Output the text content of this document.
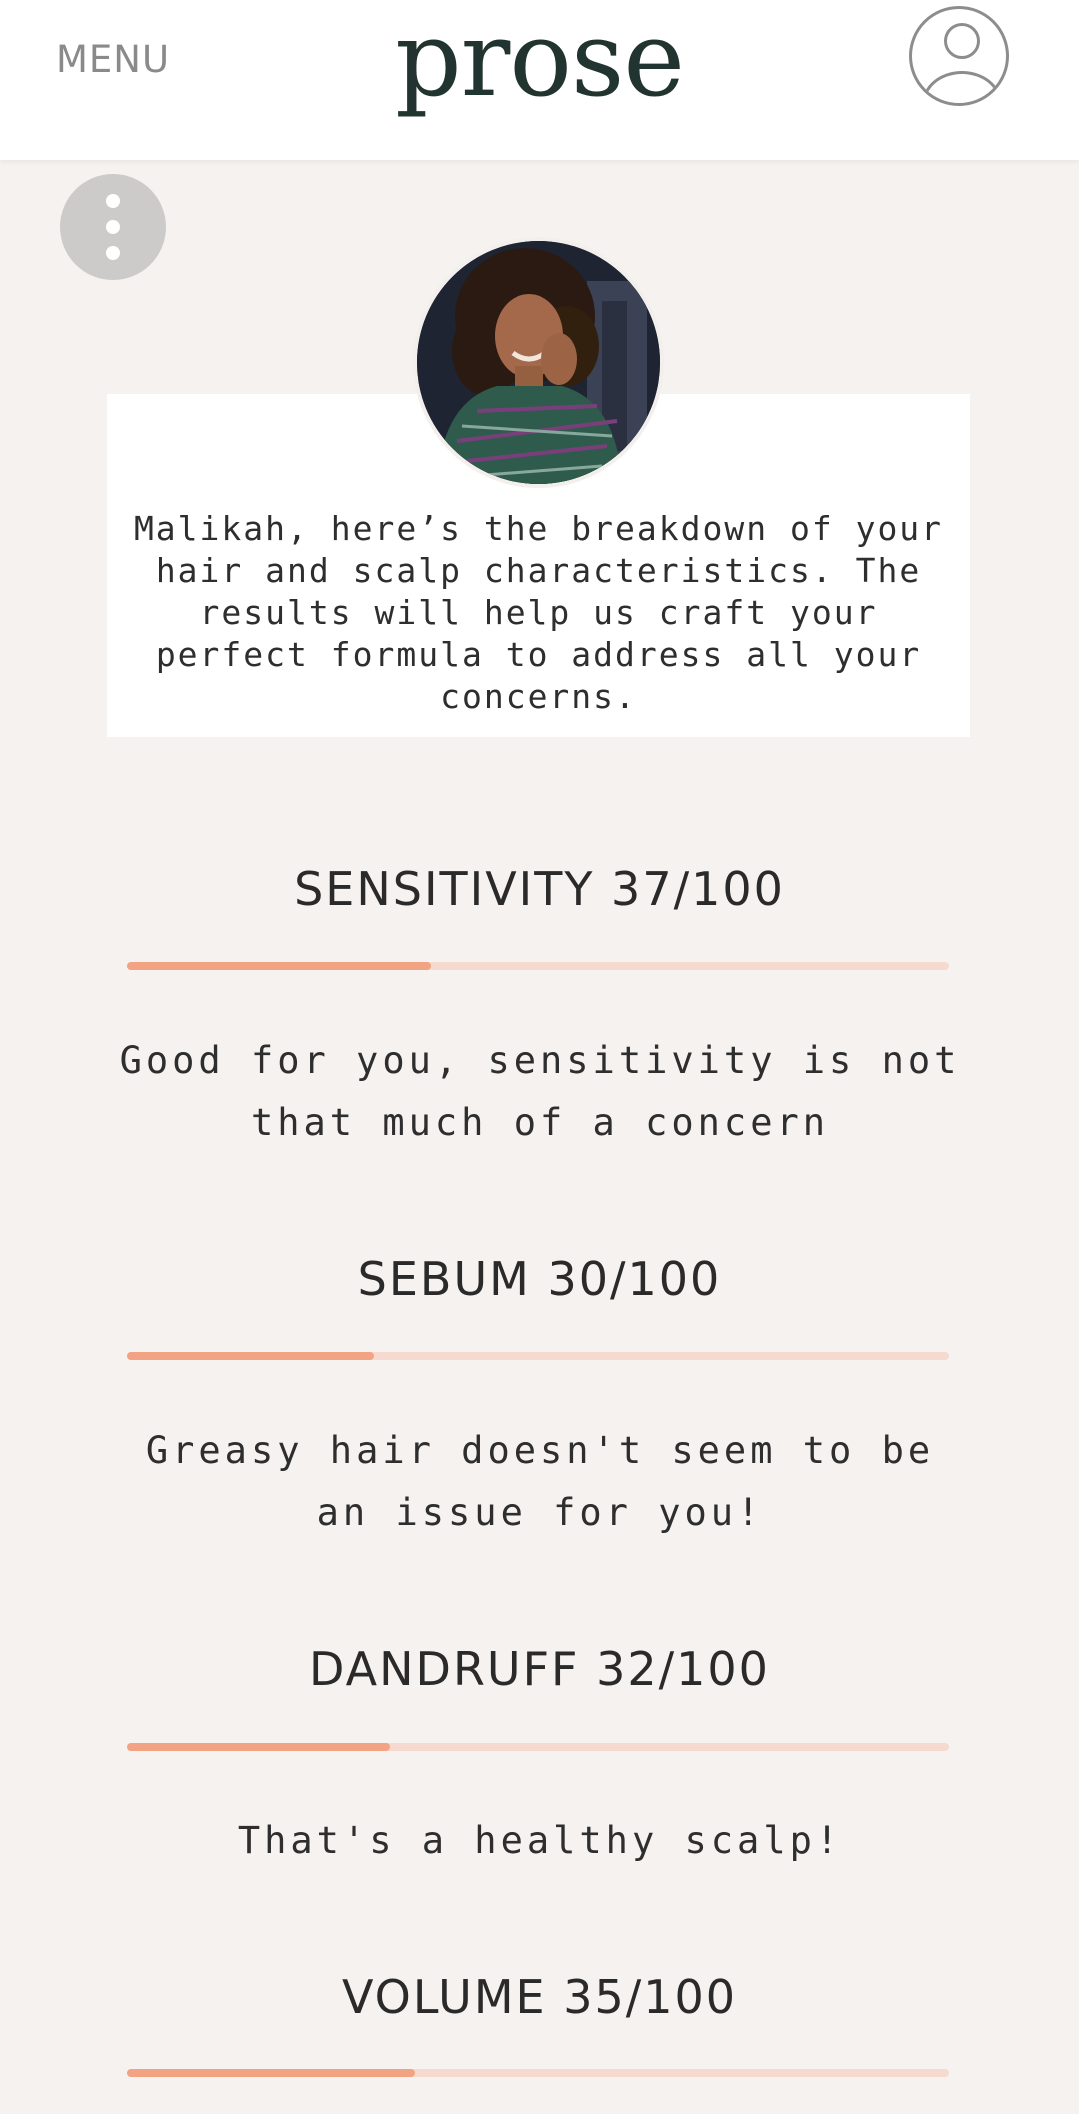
MENU	prose
Malikah, here’s the breakdown of your
hair and scalp characteristics. The
results will help us craft your
perfect formula to address all your
concerns.
SENSITIVITY 37/100
Good for you, sensitivity is not that much of a concern
SEBUM 30/100
Greasy hair doesn't seem to be an issue for you!
DANDRUFF 32/100
That's a healthy scalp!
VOLUME 35/100
